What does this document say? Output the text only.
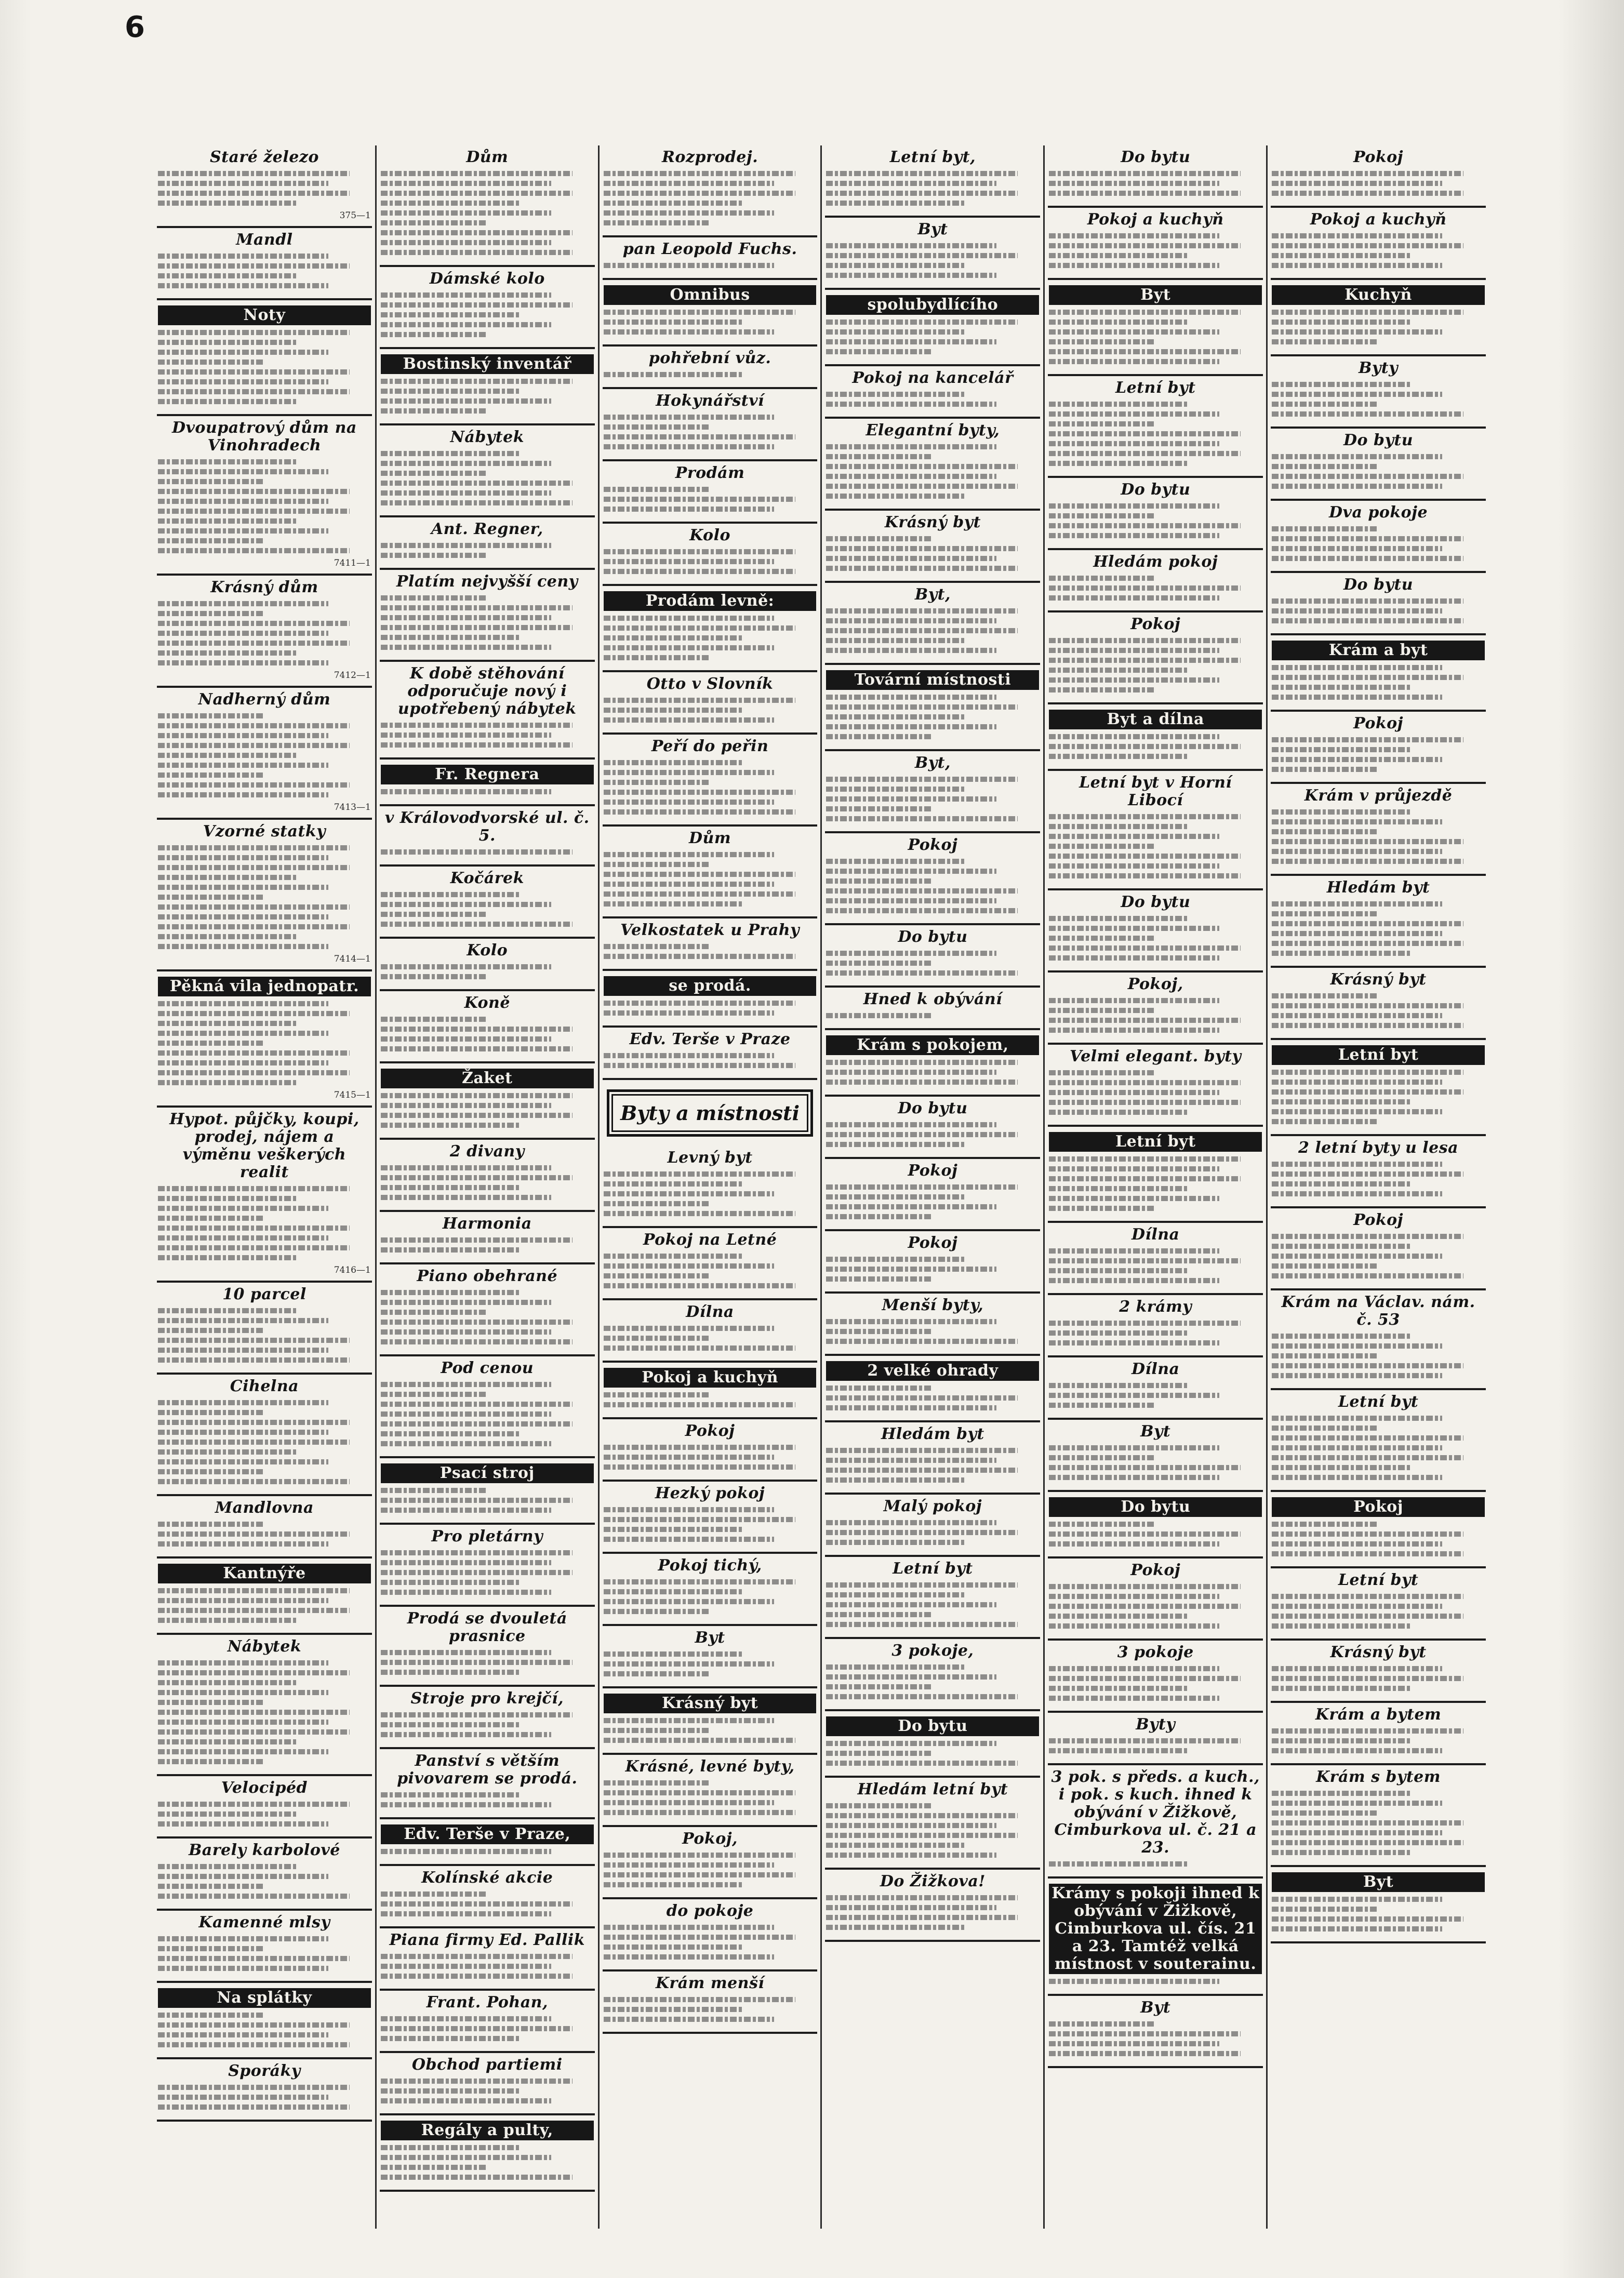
6
Staré železo
375—1
Mandl
Noty
Dvoupatrový dům na Vinohradech
7411—1
Krásný dům
7412—1
Nadherný dům
7413—1
Vzorné statky
7414—1
Pěkná vila jednopatr.
7415—1
Hypot. půjčky, koupi, prodej, nájem a výměnu veškerých realit
7416—1
10 parcel
Cihelna
Mandlovna
Kantnýře
Nábytek
Velocipéd
Barely karbolové
Kamenné mlsy
Na splátky
Sporáky
Dům
Dámské kolo
Bostinský inventář
Nábytek
Ant. Regner,
Platím nejvyšší ceny
K době stěhování odporučuje nový i upotřebený nábytek
Fr. Regnera
v Královodvorské ul. č. 5.
Kočárek
Kolo
Koně
Žaket
2 divany
Harmonia
Piano obehrané
Pod cenou
Psací stroj
Pro pletárny
Prodá se dvouletá prasnice
Stroje pro krejčí,
Panství s větším pivovarem se prodá.
Edv. Terše v Praze,
Kolínské akcie
Piana firmy Ed. Pallik
Frant. Pohan,
Obchod partiemi
Regály a pulty,
Rozprodej.
pan Leopold Fuchs.
Omnibus
pohřební vůz.
Hokynářství
Prodám
Kolo
Prodám levně:
Otto v Slovník
Peří do peřin
Dům
Velkostatek u Prahy
se prodá.
Edv. Terše v Praze
Byty a místnosti
Levný byt
Pokoj na Letné
Dílna
Pokoj a kuchyň
Pokoj
Hezký pokoj
Pokoj tichý,
Byt
Krásný byt
Krásné, levné byty,
Pokoj,
do pokoje
Krám menší
Letní byt,
Byt
spolubydlícího
Pokoj na kancelář
Elegantní byty,
Krásný byt
Byt,
Tovární místnosti
Byt,
Pokoj
Do bytu
Hned k obývání
Krám s pokojem,
Do bytu
Pokoj
Pokoj
Menší byty,
2 velké ohrady
Hledám byt
Malý pokoj
Letní byt
3 pokoje,
Do bytu
Hledám letní byt
Do Žižkova!
Do bytu
Pokoj a kuchyň
Byt
Letní byt
Do bytu
Hledám pokoj
Pokoj
Byt a dílna
Letní byt v Horní Libocí
Do bytu
Pokoj,
Velmi elegant. byty
Letní byt
Dílna
2 krámy
Dílna
Byt
Do bytu
Pokoj
3 pokoje
Byty
3 pok. s předs. a kuch., i pok. s kuch. ihned k obývání v Žižkově, Cimburkova ul. č. 21 a 23.
Krámy s pokoji ihned k obývání v Žižkově, Cimburkova ul. čís. 21 a 23. Tamtéž velká místnost v souterainu.
Byt
Pokoj
Pokoj a kuchyň
Kuchyň
Byty
Do bytu
Dva pokoje
Do bytu
Krám a byt
Pokoj
Krám v průjezdě
Hledám byt
Krásný byt
Letní byt
2 letní byty u lesa
Pokoj
Krám na Václav. nám. č. 53
Letní byt
Pokoj
Letní byt
Krásný byt
Krám a bytem
Krám s bytem
Byt
